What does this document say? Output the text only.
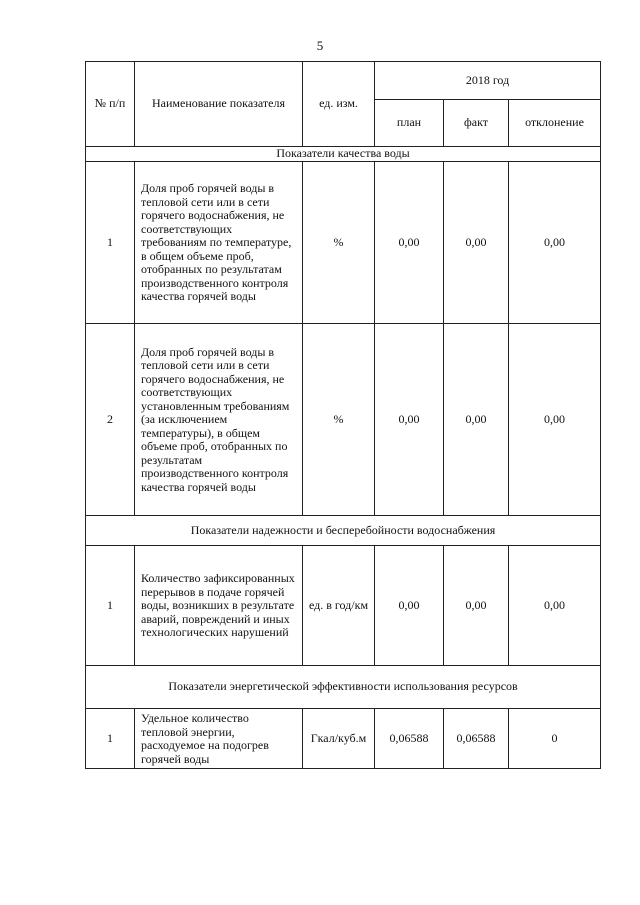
5
№ п/п	Наименование показателя	ед. изм.	2018 год		
			план	факт	отклонение
Показатели качества воды					
1	Доля проб горячей воды в тепловой сети или в сети горячего водоснабжения, не соответствующих требованиям по температуре, в общем объеме проб, отобранных по результатам производственного контроля качества горячей воды	%	0,00	0,00	0,00
2	Доля проб горячей воды в тепловой сети или в сети горячего водоснабжения, не соответствующих установленным требованиям (за исключением температуры), в общем объеме проб, отобранных по результатам производственного контроля качества горячей воды	%	0,00	0,00	0,00
Показатели надежности и бесперебойности водоснабжения					
1	Количество зафиксированных перерывов в подаче горячей воды, возникших в результате аварий, повреждений и иных технологических нарушений	ед. в год/км	0,00	0,00	0,00
Показатели энергетической эффективности использования ресурсов					
1	Удельное количество тепловой энергии, расходуемое на подогрев горячей воды	Гкал/куб.м	0,06588	0,06588	0
